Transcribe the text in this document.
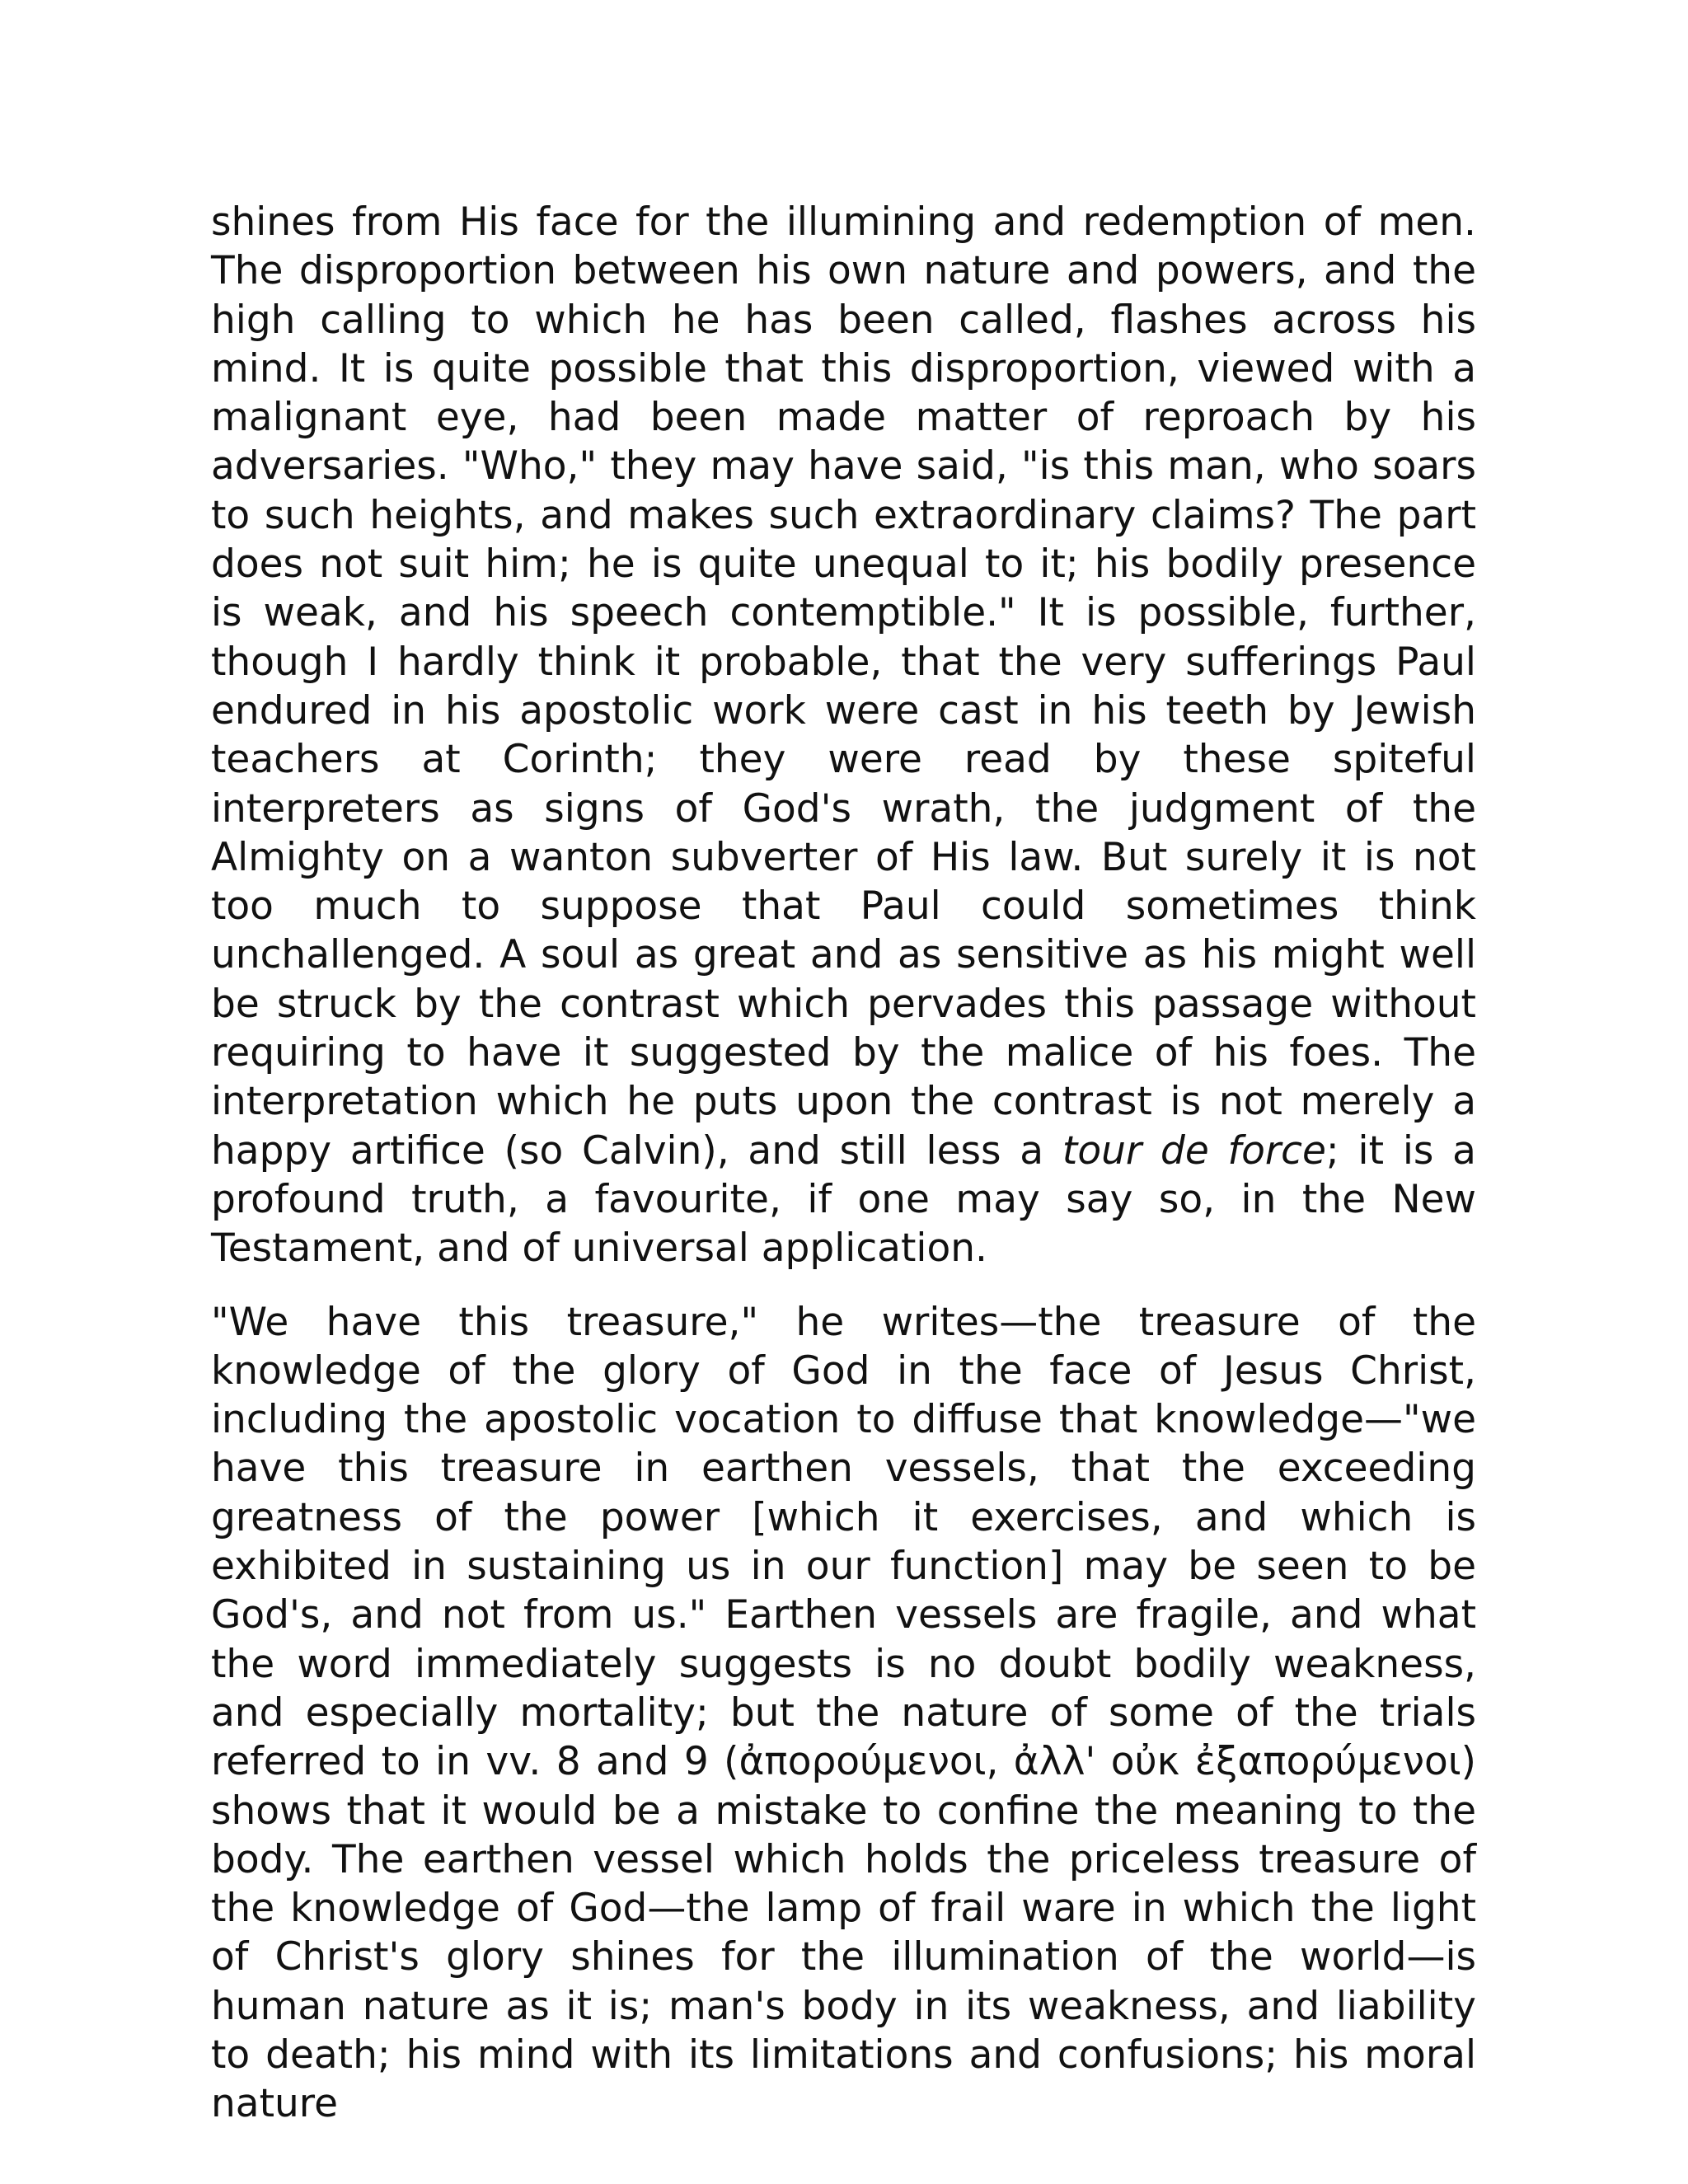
shines from His face for the illumining and redemption of men. The disproportion between his own nature and powers, and the high calling to which he has been called, flashes across his mind. It is quite possible that this disproportion, viewed with a malignant eye, had been made matter of reproach by his adversaries. "Who," they may have said, "is this man, who soars to such heights, and makes such extraordinary claims? The part does not suit him; he is quite unequal to it; his bodily presence is weak, and his speech contemptible." It is possible, further, though I hardly think it probable, that the very sufferings Paul endured in his apostolic work were cast in his teeth by Jewish teachers at Corinth; they were read by these spiteful interpreters as signs of God's wrath, the judgment of the Almighty on a wanton subverter of His law. But surely it is not too much to suppose that Paul could sometimes think unchallenged. A soul as great and as sensitive as his might well be struck by the contrast which pervades this passage without requiring to have it suggested by the malice of his foes. The interpretation which he puts upon the contrast is not merely a happy artifice (so Calvin), and still less a tour de force; it is a profound truth, a favourite, if one may say so, in the New Testament, and of universal application.

"We have this treasure," he writes—the treasure of the knowledge of the glory of God in the face of Jesus Christ, including the apostolic vocation to diffuse that knowledge—"we have this treasure in earthen vessels, that the exceeding greatness of the power [which it exercises, and which is exhibited in sustaining us in our function] may be seen to be God's, and not from us." Earthen vessels are fragile, and what the word immediately suggests is no doubt bodily weakness, and especially mortality; but the nature of some of the trials referred to in vv. 8 and 9 (ἀπορούμενοι, ἀλλ' οὐκ ἐξαπορύμενοι) shows that it would be a mistake to confine the meaning to the body. The earthen vessel which holds the priceless treasure of the knowledge of God—the lamp of frail ware in which the light of Christ's glory shines for the illumination of the world—is human nature as it is; man's body in its weakness, and liability to death; his mind with its limitations and confusions; his moral nature
